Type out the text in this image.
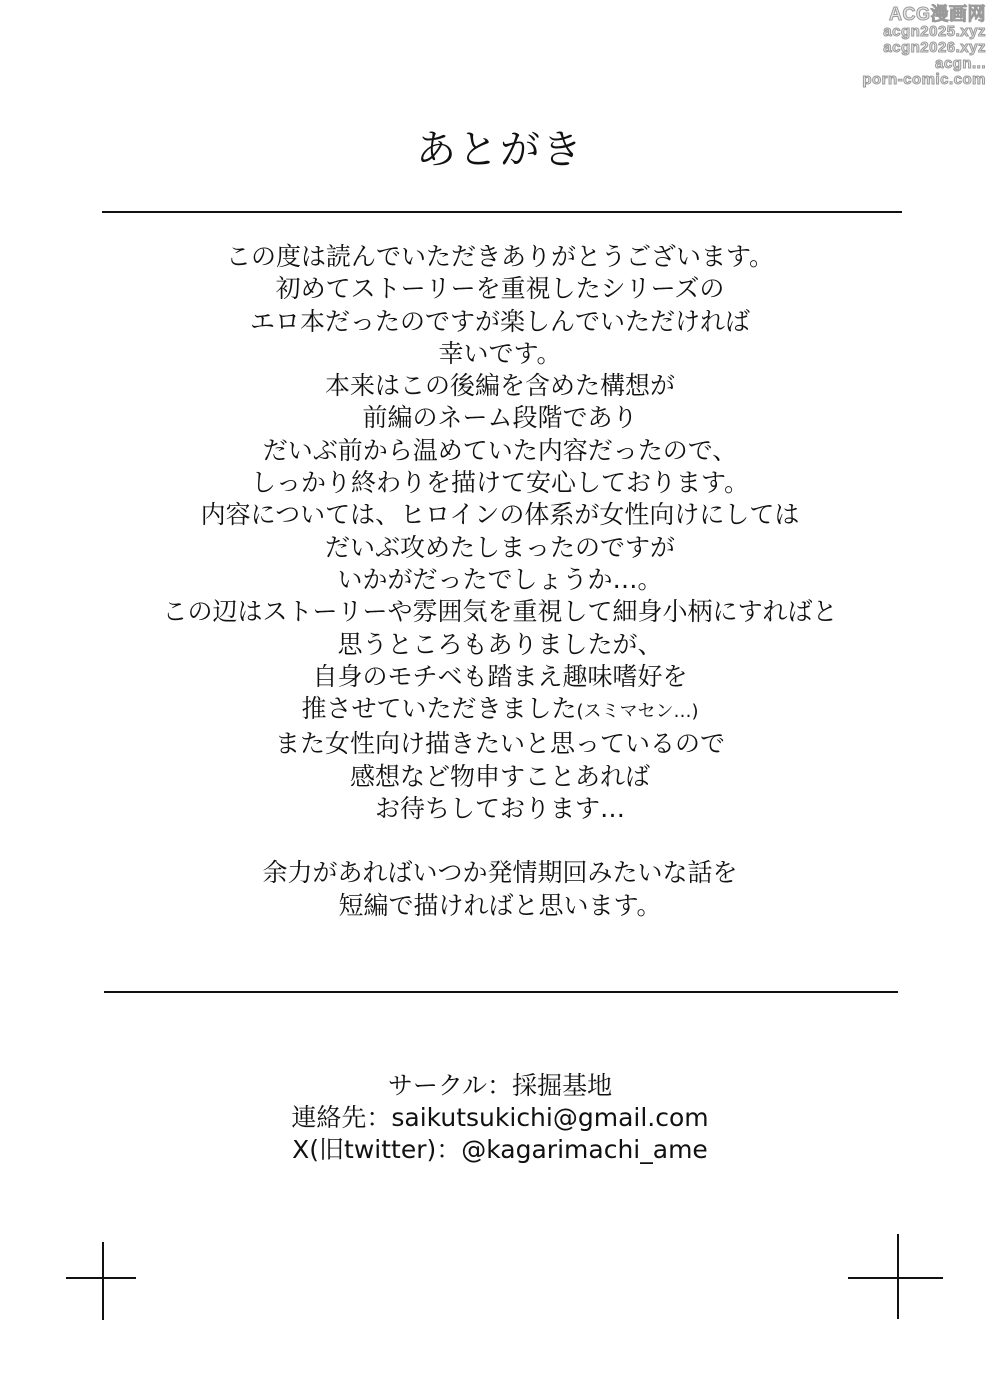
ACG漫画网
acgn2025.xyz
acgn2026.xyz
acgn...
porn-comic.com
あとがき
この度は読んでいただきありがとうございます。
初めてストーリーを重視したシリーズの
エロ本だったのですが楽しんでいただければ
幸いです。
本来はこの後編を含めた構想が
前編のネーム段階であり
だいぶ前から温めていた内容だったので、
しっかり終わりを描けて安心しております。
内容については、ヒロインの体系が女性向けにしては
だいぶ攻めたしまったのですが
いかがだったでしょうか…。
この辺はストーリーや雰囲気を重視して細身小柄にすればと
思うところもありましたが、
自身のモチベも踏まえ趣味嗜好を
推させていただきました(スミマセン…)
また女性向け描きたいと思っているので
感想など物申すことあれば
お待ちしております…
余力があればいつか発情期回みたいな話を
短編で描ければと思います。
サークル：採掘基地
連絡先：saikutsukichi@gmail.com
X(旧twitter)：@kagarimachi_ame
